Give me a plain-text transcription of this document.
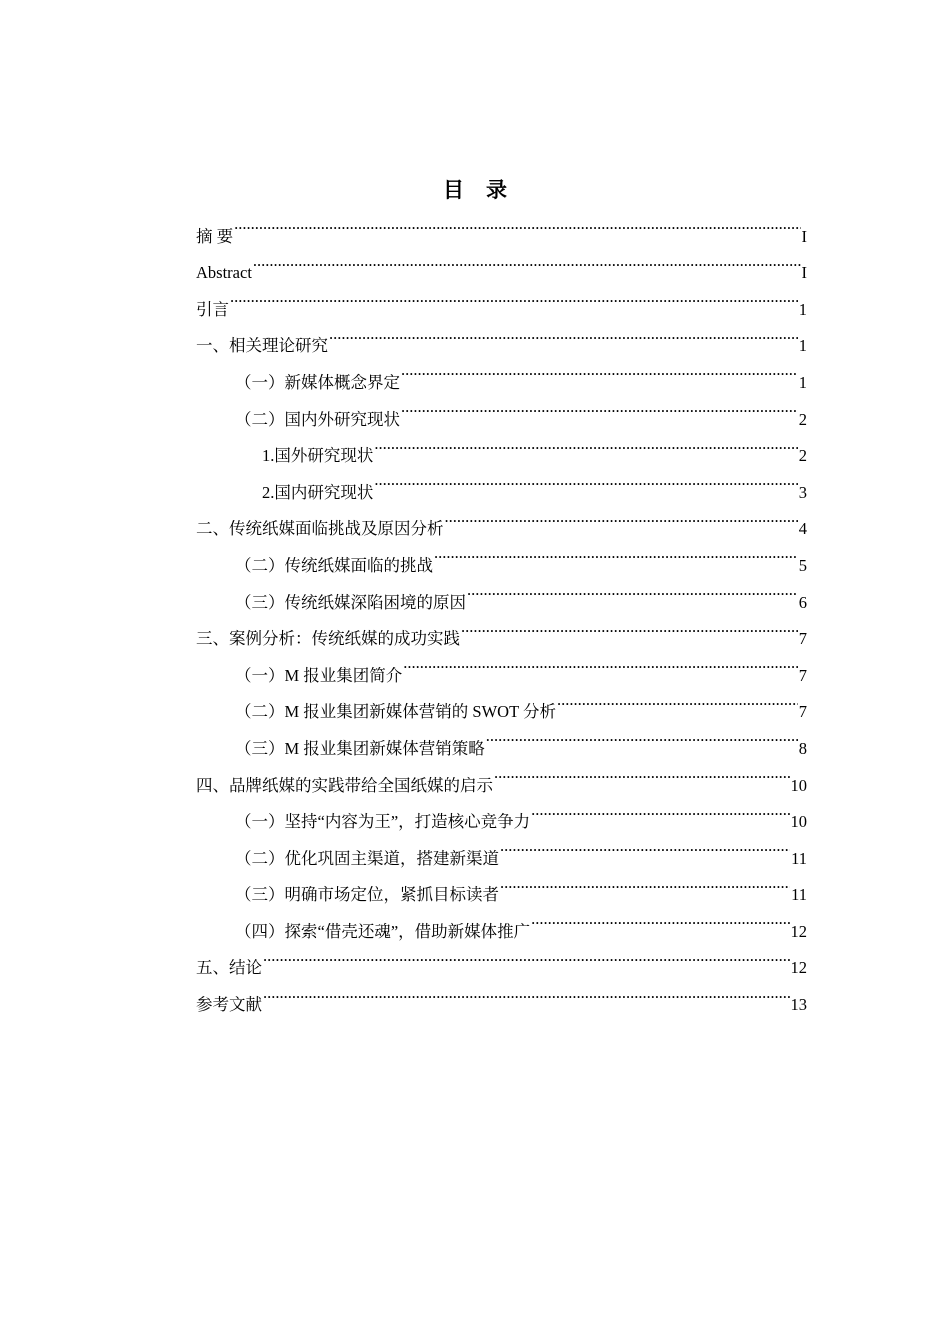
目 录
摘 要 .....	I
Abstract .....	I
引言 .....	1
一、相关理论研究 .....	1
（一）新媒体概念界定 .....	1
（二）国内外研究现状 .....	2
1.国外研究现状 .....	2
2.国内研究现状 .....	3
二、传统纸媒面临挑战及原因分析 .....	4
（二）传统纸媒面临的挑战 .....	5
（三）传统纸媒深陷困境的原因 .....	6
三、案例分析：传统纸媒的成功实践 .....	7
（一）M 报业集团简介 .....	7
（二）M 报业集团新媒体营销的 SWOT 分析 .....	7
（三）M 报业集团新媒体营销策略 .....	8
四、品牌纸媒的实践带给全国纸媒的启示 .....	10
（一）坚持“内容为王”，打造核心竞争力 .....	10
（二）优化巩固主渠道，搭建新渠道 .....	11
（三）明确市场定位，紧抓目标读者 .....	11
（四）探索“借壳还魂”，借助新媒体推广 .....	12
五、结论 .....	12
参考文献 .....	13
